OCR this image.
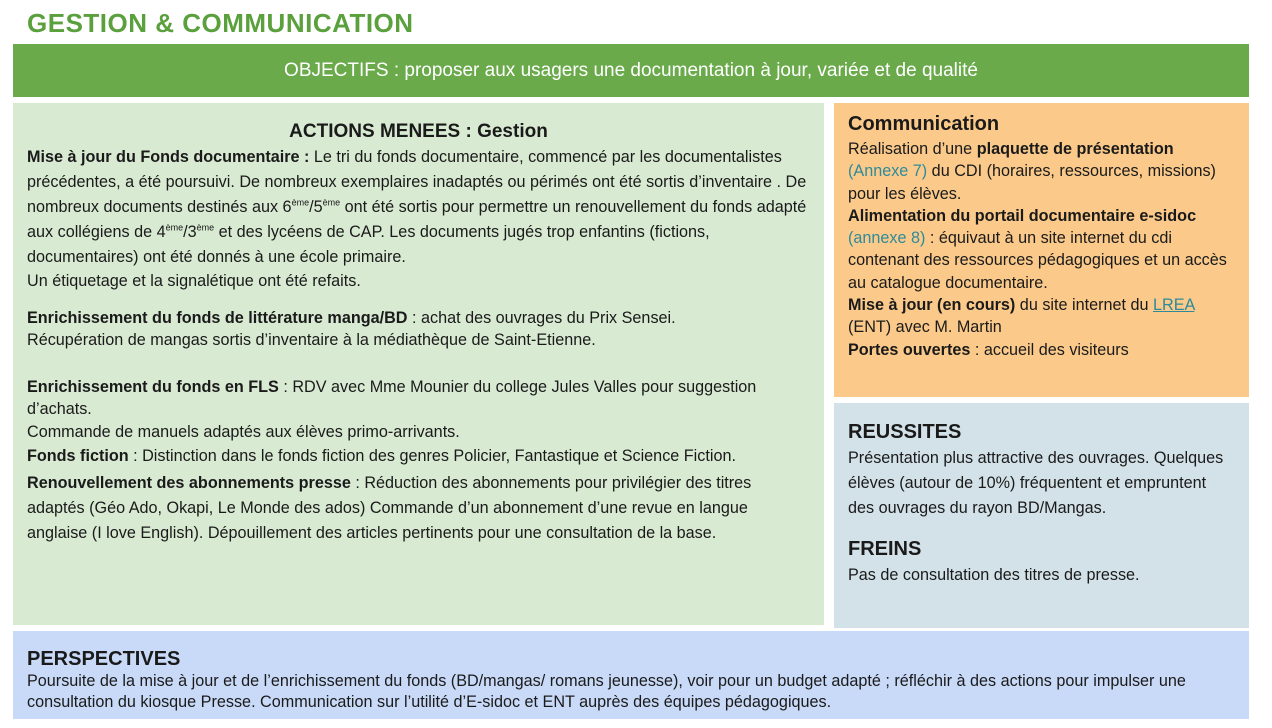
GESTION & COMMUNICATION
OBJECTIFS : proposer aux usagers une documentation à jour, variée et de qualité
ACTIONS MENEES : Gestion

Mise à jour du Fonds documentaire : Le tri du fonds documentaire, commencé par les documentalistes précédentes, a été poursuivi. De nombreux exemplaires inadaptés ou périmés ont été sortis d’inventaire . De nombreux documents destinés aux 6ème/5ème ont été sortis pour permettre un renouvellement du fonds adapté aux collégiens de 4ème/3ème et des lycéens de CAP. Les documents jugés trop enfantins (fictions, documentaires) ont été donnés à une école primaire.

Un étiquetage et la signalétique ont été refaits.

Enrichissement du fonds de littérature manga/BD : achat des ouvrages du Prix Sensei.

Récupération de mangas sortis d’inventaire à la médiathèque de Saint-Etienne.

Enrichissement du fonds en FLS : RDV avec Mme Mounier du college Jules Valles pour suggestion d’achats.

Commande de manuels adaptés aux élèves primo-arrivants.

Fonds fiction : Distinction dans le fonds fiction des genres Policier, Fantastique et Science Fiction.

Renouvellement des abonnements presse : Réduction des abonnements pour privilégier des titres adaptés (Géo Ado, Okapi, Le Monde des ados) Commande d’un abonnement d’une revue en langue anglaise (I love English). Dépouillement des articles pertinents pour une consultation de la base.

Communication

Réalisation d’une plaquette de présentation (Annexe 7) du CDI (horaires, ressources, missions) pour les élèves.

Alimentation du portail documentaire e-sidoc (annexe 8) : équivaut à un site internet du cdi contenant des ressources pédagogiques et un accès au catalogue documentaire.

Mise à jour (en cours) du site internet du LREA (ENT) avec M. Martin

Portes ouvertes : accueil des visiteurs

REUSSITES

Présentation plus attractive des ouvrages. Quelques élèves (autour de 10%) fréquentent et empruntent des ouvrages du rayon BD/Mangas.

FREINS

Pas de consultation des titres de presse.

PERSPECTIVES

Poursuite de la mise à jour et de l’enrichissement du fonds (BD/mangas/ romans jeunesse), voir pour un budget adapté ; réfléchir à des actions pour impulser une consultation du kiosque Presse. Communication sur l’utilité d’E-sidoc et ENT auprès des équipes pédagogiques.
